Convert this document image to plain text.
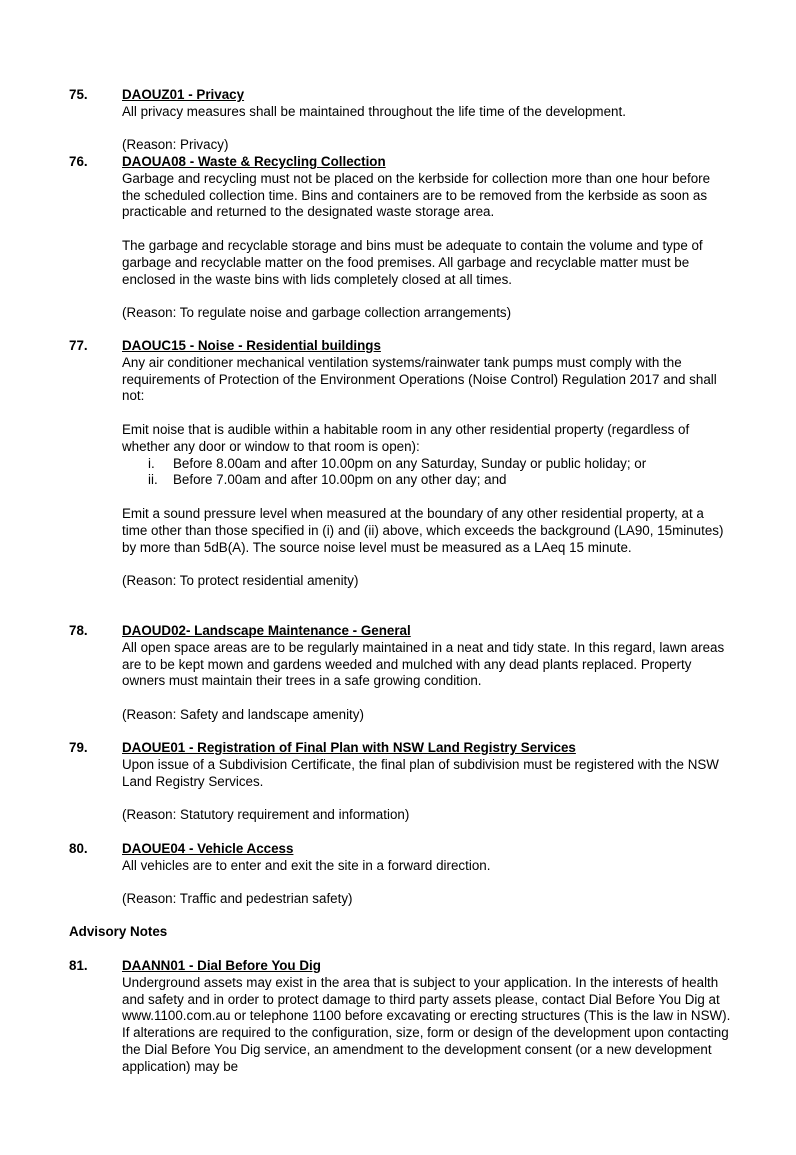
75.	DAOUZ01 - Privacy

All privacy measures shall be maintained throughout the life time of the development.

(Reason: Privacy)

76.	DAOUA08 - Waste & Recycling Collection

Garbage and recycling must not be placed on the kerbside for collection more than one hour before the scheduled collection time. Bins and containers are to be removed from the kerbside as soon as practicable and returned to the designated waste storage area.

The garbage and recyclable storage and bins must be adequate to contain the volume and type of garbage and recyclable matter on the food premises. All garbage and recyclable matter must be enclosed in the waste bins with lids completely closed at all times.

(Reason: To regulate noise and garbage collection arrangements)

77.	DAOUC15 - Noise - Residential buildings

Any air conditioner mechanical ventilation systems/rainwater tank pumps must comply with the requirements of Protection of the Environment Operations (Noise Control) Regulation 2017 and shall not:

Emit noise that is audible within a habitable room in any other residential property (regardless of whether any door or window to that room is open):

i. Before 8.00am and after 10.00pm on any Saturday, Sunday or public holiday; or
ii. Before 7.00am and after 10.00pm on any other day; and

Emit a sound pressure level when measured at the boundary of any other residential property, at a time other than those specified in (i) and (ii) above, which exceeds the background (LA90, 15minutes) by more than 5dB(A). The source noise level must be measured as a LAeq 15 minute.

(Reason: To protect residential amenity)

78.	DAOUD02- Landscape Maintenance - General

All open space areas are to be regularly maintained in a neat and tidy state. In this regard, lawn areas are to be kept mown and gardens weeded and mulched with any dead plants replaced. Property owners must maintain their trees in a safe growing condition.

(Reason: Safety and landscape amenity)

79.	DAOUE01 - Registration of Final Plan with NSW Land Registry Services

Upon issue of a Subdivision Certificate, the final plan of subdivision must be registered with the NSW Land Registry Services.

(Reason: Statutory requirement and information)

80.	DAOUE04 - Vehicle Access

All vehicles are to enter and exit the site in a forward direction.

(Reason: Traffic and pedestrian safety)

Advisory Notes
81.	DAANN01 - Dial Before You Dig

Underground assets may exist in the area that is subject to your application. In the interests of health and safety and in order to protect damage to third party assets please, contact Dial Before You Dig at www.1100.com.au or telephone 1100 before excavating or erecting structures (This is the law in NSW). If alterations are required to the configuration, size, form or design of the development upon contacting the Dial Before You Dig service, an amendment to the development consent (or a new development application) may be
